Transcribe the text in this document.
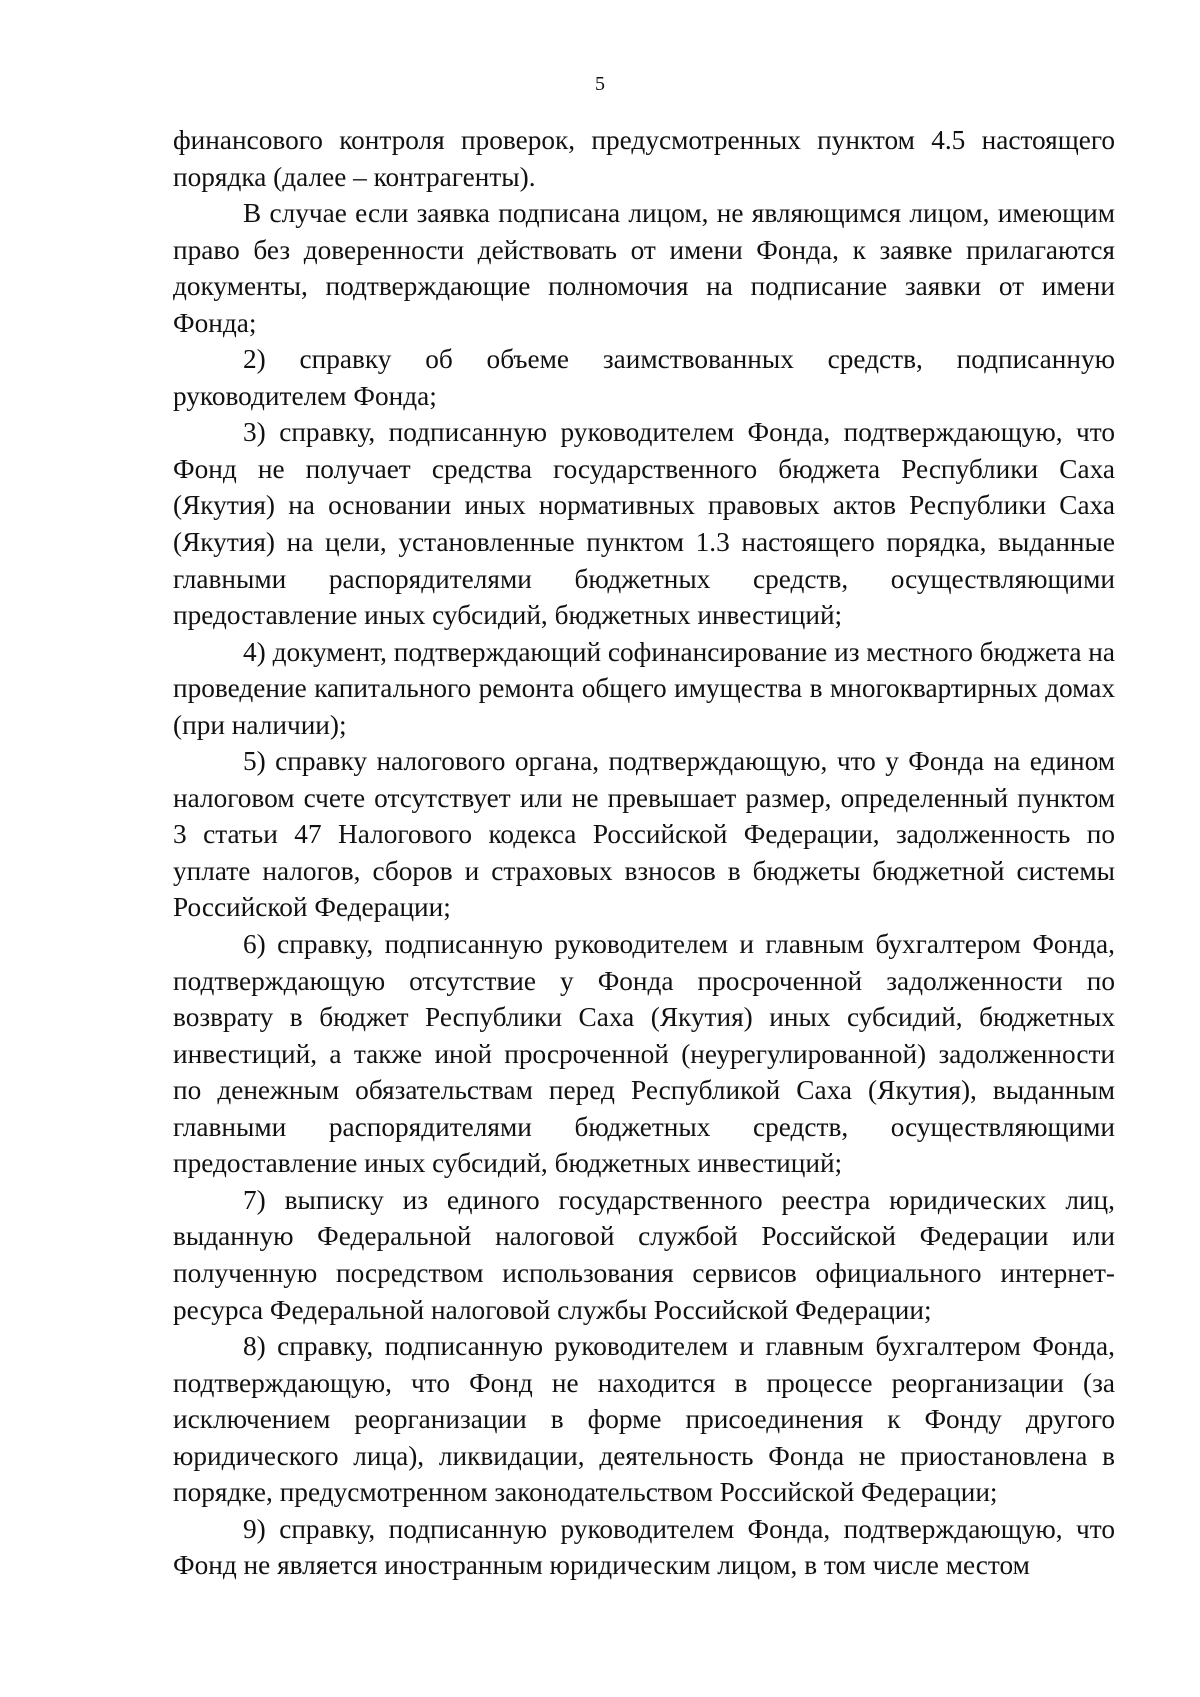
5

финансового контроля проверок, предусмотренных пунктом 4.5 настоящего порядка (далее – контрагенты).

В случае если заявка подписана лицом, не являющимся лицом, имеющим право без доверенности действовать от имени Фонда, к заявке прилагаются документы, подтверждающие полномочия на подписание заявки от имени Фонда;

2) справку об объеме заимствованных средств, подписанную руководителем Фонда;

3) справку, подписанную руководителем Фонда, подтверждающую, что Фонд не получает средства государственного бюджета Республики Саха (Якутия) на основании иных нормативных правовых актов Республики Саха (Якутия) на цели, установленные пунктом 1.3 настоящего порядка, выданные главными распорядителями бюджетных средств, осуществляющими предоставление иных субсидий, бюджетных инвестиций;

4) документ, подтверждающий софинансирование из местного бюджета на проведение капитального ремонта общего имущества в многоквартирных домах (при наличии);

5) справку налогового органа, подтверждающую, что у Фонда на едином налоговом счете отсутствует или не превышает размер, определенный пунктом 3 статьи 47 Налогового кодекса Российской Федерации, задолженность по уплате налогов, сборов и страховых взносов в бюджеты бюджетной системы Российской Федерации;

6) справку, подписанную руководителем и главным бухгалтером Фонда, подтверждающую отсутствие у Фонда просроченной задолженности по возврату в бюджет Республики Саха (Якутия) иных субсидий, бюджетных инвестиций, а также иной просроченной (неурегулированной) задолженности по денежным обязательствам перед Республикой Саха (Якутия), выданным главными распорядителями бюджетных средств, осуществляющими предоставление иных субсидий, бюджетных инвестиций;

7) выписку из единого государственного реестра юридических лиц, выданную Федеральной налоговой службой Российской Федерации или полученную посредством использования сервисов официального интернет-ресурса Федеральной налоговой службы Российской Федерации;

8) справку, подписанную руководителем и главным бухгалтером Фонда, подтверждающую, что Фонд не находится в процессе реорганизации (за исключением реорганизации в форме присоединения к Фонду другого юридического лица), ликвидации, деятельность Фонда не приостановлена в порядке, предусмотренном законодательством Российской Федерации;

9) справку, подписанную руководителем Фонда, подтверждающую, что Фонд не является иностранным юридическим лицом, в том числе местом
